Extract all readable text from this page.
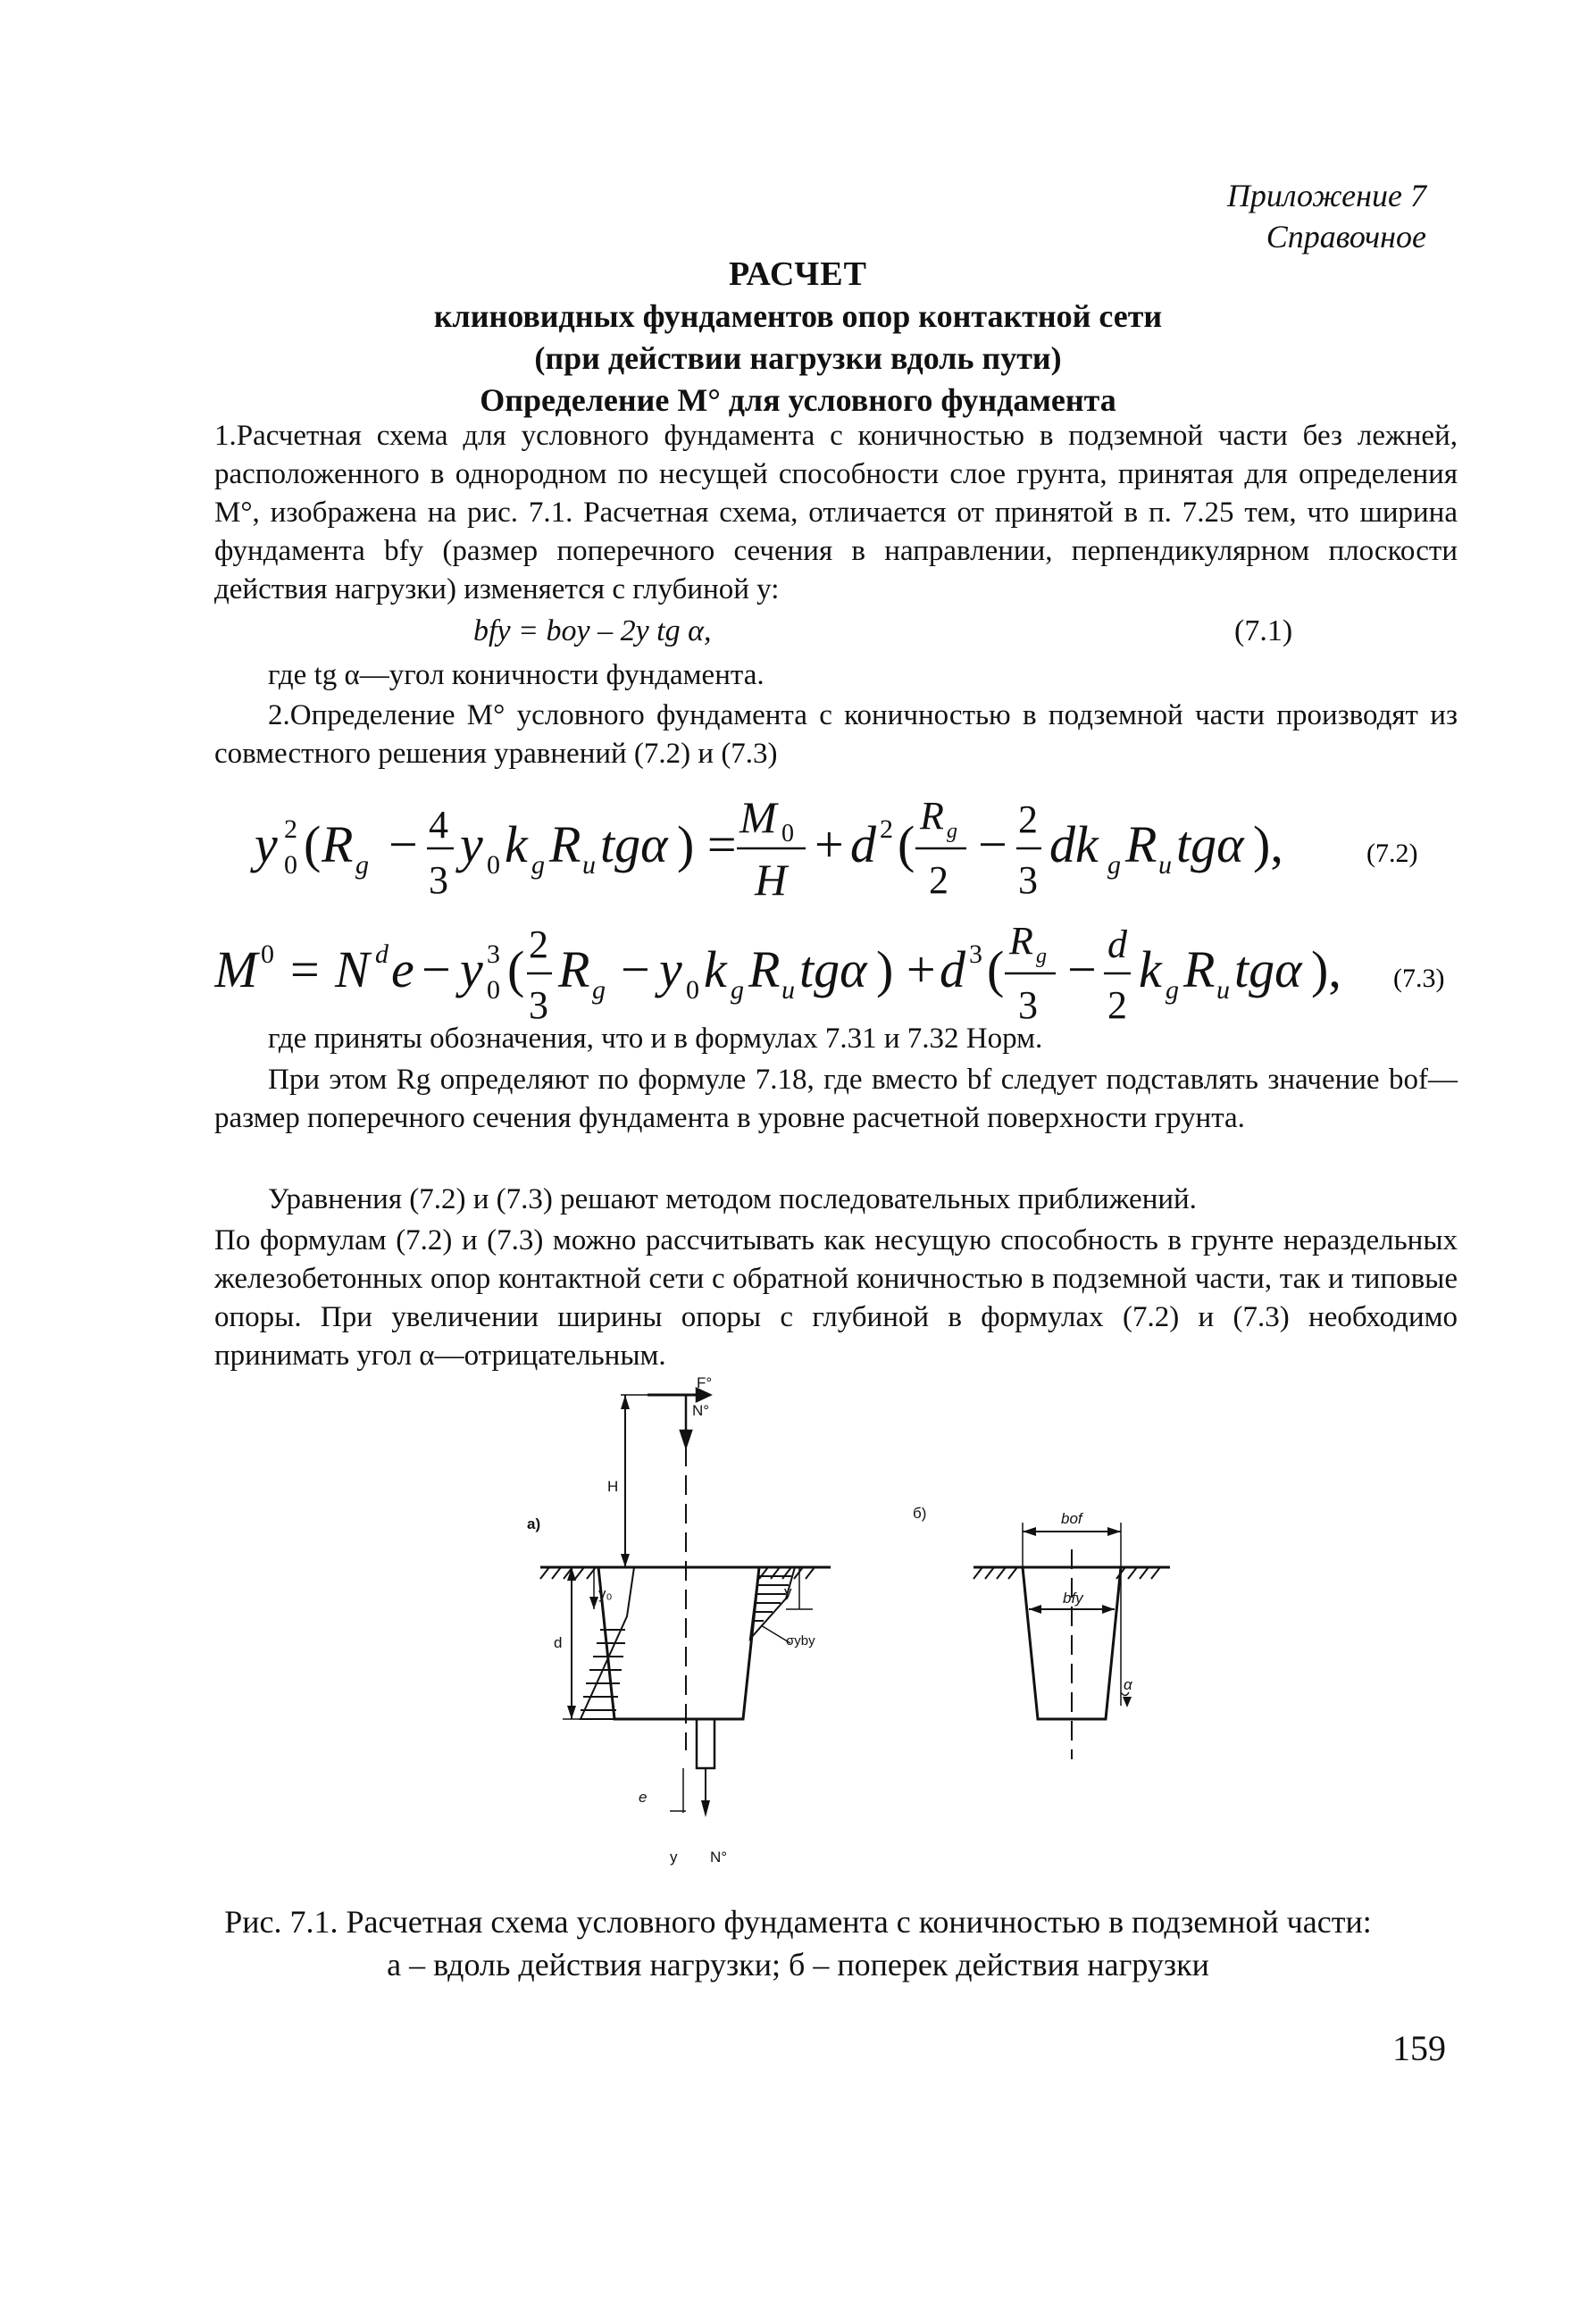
Приложение 7
Справочное
РАСЧЕТ
клиновидных фундаментов опор контактной сети
(при действии нагрузки вдоль пути)
Определение M° для условного фундамента
1.Расчетная схема для условного фундамента с коничностью в подземной части без лежней, расположенного в однородном по несущей способности слое грунта, принятая для определения M°, изображена на рис. 7.1. Расчетная схема, отличается от принятой в п. 7.25 тем, что ширина фундамента bfy (размер поперечного сечения в направлении, перпендикулярном плоскости действия нагрузки) изменяется с глубиной у:
bfy = boy – 2y tg α,	(7.1)
где tg α—угол коничности фундамента.
2.Определение M° условного фундамента с коничностью в подземной части производят из совместного решения уравнений (7.2) и (7.3)
y 2
0 ( R g − 4
3
y 0 k g R u tgα ) = M 0
H
+ d 2 ( R g
2
− 2
3
dk g R u tgα ),	(7.2)
M 0 = N d e − y 3
0 ( 2
3
R g − y 0 k g R u tgα ) + d 3 ( R g
3
− d
2
k g R u tgα ), (7.3)
где приняты обозначения, что и в формулах 7.31 и 7.32 Норм.
При этом Rg определяют по формуле 7.18, где вместо bf следует подставлять значение bof—размер поперечного сечения фундамента в уровне расчетной поверхности грунта.
Уравнения (7.2) и (7.3) решают методом последовательных приближений.
По формулам (7.2) и (7.3) можно рассчитывать как несущую способность в грунте нераздельных железобетонных опор контактной сети с обратной коничностью в подземной части, так и типовые опоры. При увеличении ширины опоры с глубиной в формулах (7.2) и (7.3) необходимо принимать угол α—отрицательным.
F°
N°
H
а)
y₀	y
d	σyby
e
y N°
б)	bof
bfy
α
Рис. 7.1. Расчетная схема условного фундамента с коничностью в подземной части:
а – вдоль действия нагрузки; б – поперек действия нагрузки
159
